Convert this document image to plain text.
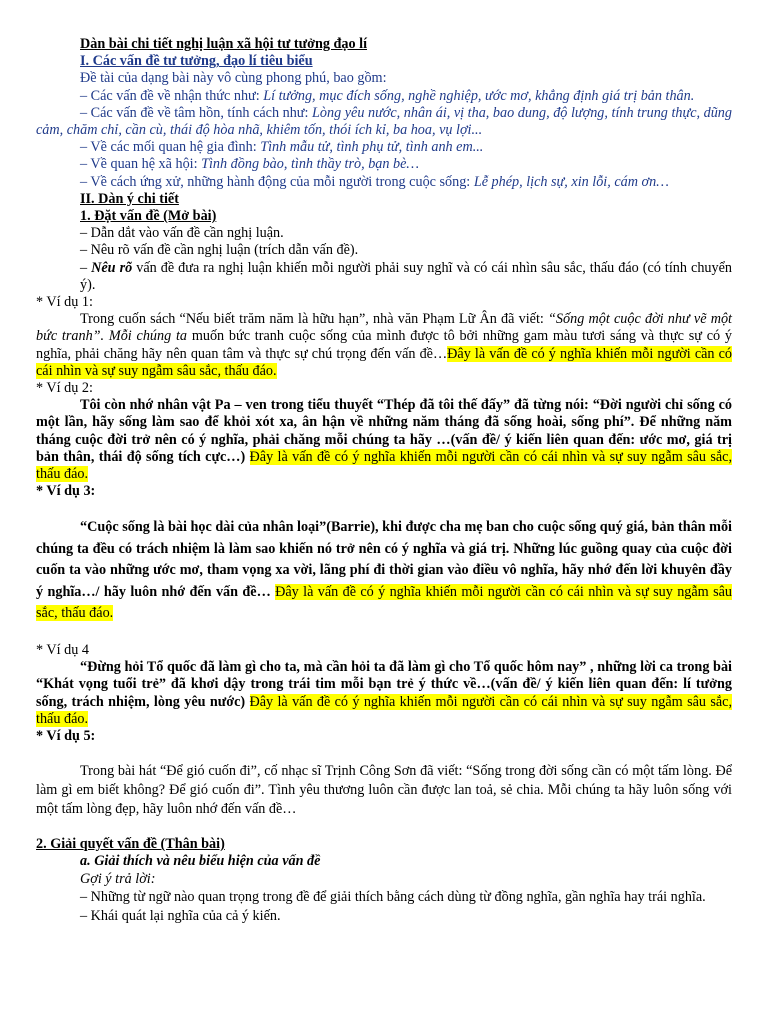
Dàn bài chi tiết nghị luận xã hội tư tưởng đạo lí

I. Các vấn đề tư tưởng, đạo lí tiêu biểu

Đề tài của dạng bài này vô cùng phong phú, bao gồm:

– Các vấn đề về nhận thức như: Lí tưởng, mục đích sống, nghề nghiệp, ước mơ, khẳng định giá trị bản thân.

– Các vấn đề về tâm hồn, tính cách như: Lòng yêu nước, nhân ái, vị tha, bao dung, độ lượng, tính trung thực, dũng cảm, chăm chỉ, cần cù, thái độ hòa nhã, khiêm tốn, thói ích kỉ, ba hoa, vụ lợi...

– Về các mối quan hệ gia đình: Tình mẫu tử, tình phụ tử, tình anh em...

– Về quan hệ xã hội: Tình đồng bào, tình thầy trò, bạn bè…

– Về cách ứng xử, những hành động của mỗi người trong cuộc sống: Lễ phép, lịch sự, xin lỗi, cám ơn…

II. Dàn ý chi tiết

1. Đặt vấn đề (Mở bài)

– Dẫn dắt vào vấn đề cần nghị luận.

– Nêu rõ vấn đề cần nghị luận (trích dẫn vấn đề).

– Nêu rõ vấn đề đưa ra nghị luận khiến mỗi người phải suy nghĩ và có cái nhìn sâu sắc, thấu đáo (có tính chuyển ý).

* Ví dụ 1:

Trong cuốn sách “Nếu biết trăm năm là hữu hạn”, nhà văn Phạm Lữ Ân đã viết: “Sống một cuộc đời như vẽ một bức tranh”. Mỗi chúng ta muốn bức tranh cuộc sống của mình được tô bởi những gam màu tươi sáng và thực sự có ý nghĩa, phải chăng hãy nên quan tâm và thực sự chú trọng đến vấn đề…Đây là vấn đề có ý nghĩa khiến mỗi người cần có cái nhìn và sự suy ngẫm sâu sắc, thấu đáo.

* Ví dụ 2:

Tôi còn nhớ nhân vật Pa – ven trong tiểu thuyết “Thép đã tôi thế đấy” đã từng nói: “Đời người chỉ sống có một lần, hãy sống làm sao để khỏi xót xa, ân hận về những năm tháng đã sống hoài, sống phí”. Để những năm tháng cuộc đời trở nên có ý nghĩa, phải chăng mỗi chúng ta hãy …(vấn đề/ ý kiến liên quan đến: ước mơ, giá trị bản thân, thái độ sống tích cực…) Đây là vấn đề có ý nghĩa khiến mỗi người cần có cái nhìn và sự suy ngẫm sâu sắc, thấu đáo.

* Ví dụ 3:

“Cuộc sống là bài học dài của nhân loại”(Barrie), khi được cha mẹ ban cho cuộc sống quý giá, bản thân mỗi chúng ta đều có trách nhiệm là làm sao khiến nó trở nên có ý nghĩa và giá trị. Những lúc guồng quay của cuộc đời cuốn ta vào những ước mơ, tham vọng xa vời, lãng phí đi thời gian vào điều vô nghĩa, hãy nhớ đến lời khuyên đầy ý nghĩa…/ hãy luôn nhớ đến vấn đề… Đây là vấn đề có ý nghĩa khiến mỗi người cần có cái nhìn và sự suy ngẫm sâu sắc, thấu đáo.

* Ví dụ 4

“Đừng hỏi Tổ quốc đã làm gì cho ta, mà cần hỏi ta đã làm gì cho Tổ quốc hôm nay” , những lời ca trong bài “Khát vọng tuổi trẻ” đã khơi dậy trong trái tim mỗi bạn trẻ ý thức về…(vấn đề/ ý kiến liên quan đến: lí tưởng sống, trách nhiệm, lòng yêu nước) Đây là vấn đề có ý nghĩa khiến mỗi người cần có cái nhìn và sự suy ngẫm sâu sắc, thấu đáo.

* Ví dụ 5:

Trong bài hát “Để gió cuốn đi”, cố nhạc sĩ Trịnh Công Sơn đã viết: “Sống trong đời sống cần có một tấm lòng. Để làm gì em biết không? Để gió cuốn đi”. Tình yêu thương luôn cần được lan toả, sẻ chia. Mỗi chúng ta hãy luôn sống với một tấm lòng đẹp, hãy luôn nhớ đến vấn đề…

2. Giải quyết vấn đề (Thân bài)

a. Giải thích và nêu biểu hiện của vấn đề

Gợi ý trả lời:

– Những từ ngữ nào quan trọng trong đề để giải thích bằng cách dùng từ đồng nghĩa, gần nghĩa hay trái nghĩa.

– Khái quát lại nghĩa của cả ý kiến.
